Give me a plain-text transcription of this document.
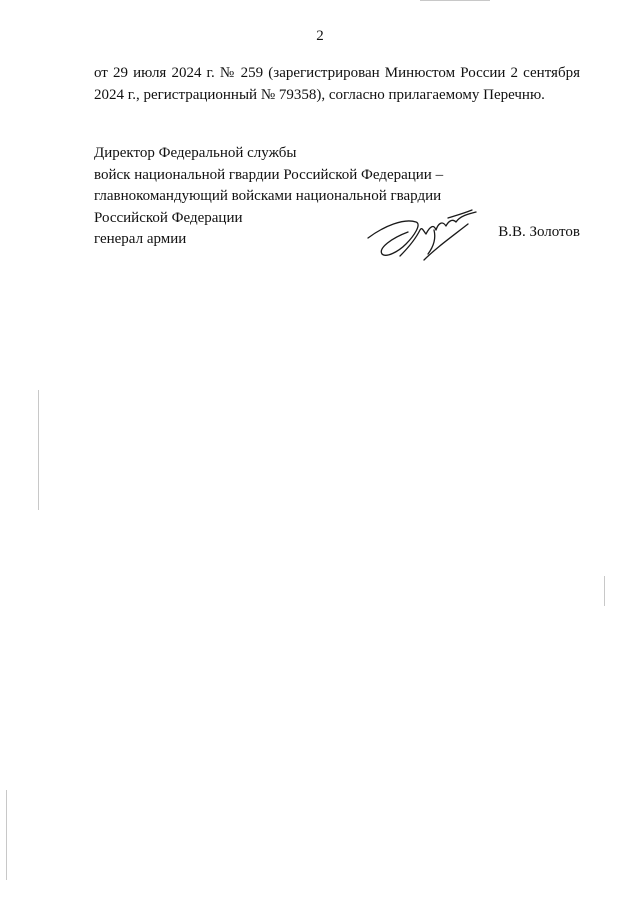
2
от 29 июля 2024 г. № 259 (зарегистрирован Минюстом России 2 сентября
2024 г., регистрационный № 79358), согласно прилагаемому Перечню.
Директор Федеральной службы
войск национальной гвардии Российской Федерации –
главнокомандующий войсками национальной гвардии
Российской Федерации
генерал армии	В.В. Золотов
